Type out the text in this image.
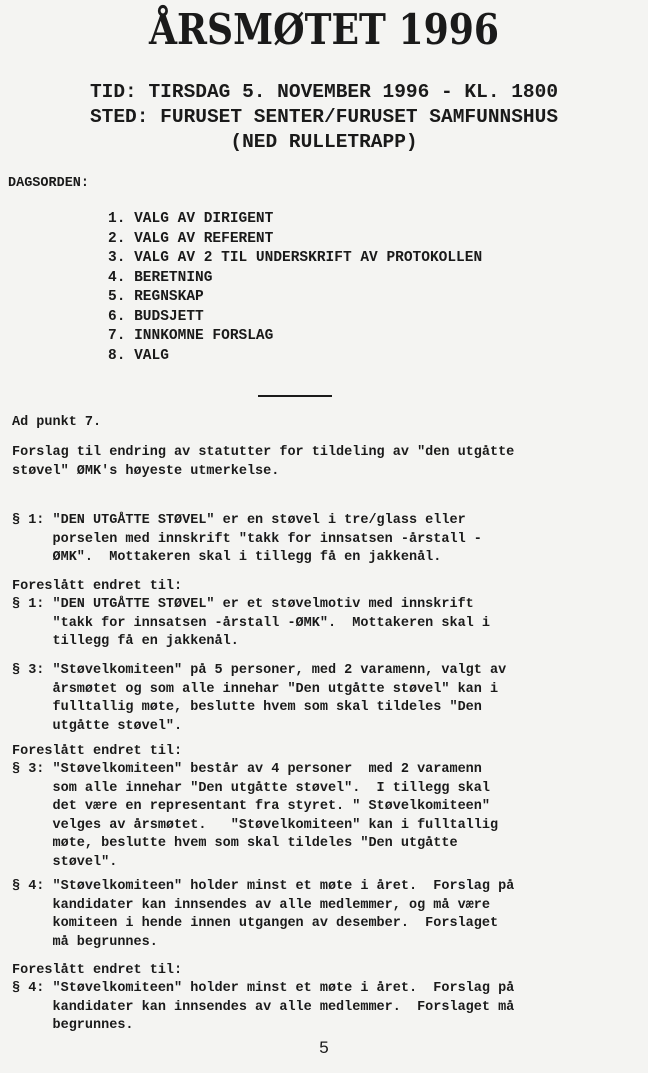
ÅRSMØTET 1996
TID: TIRSDAG 5. NOVEMBER 1996 - KL. 1800
STED: FURUSET SENTER/FURUSET SAMFUNNSHUS
(NED RULLETRAPP)
DAGSORDEN:
1. VALG AV DIRIGENT
2. VALG AV REFERENT
3. VALG AV 2 TIL UNDERSKRIFT AV PROTOKOLLEN
4. BERETNING
5. REGNSKAP
6. BUDSJETT
7. INNKOMNE FORSLAG
8. VALG
Ad punkt 7.
Forslag til endring av statutter for tildeling av "den utgåtte
støvel" ØMK's høyeste utmerkelse.
§ 1: "DEN UTGÅTTE STØVEL" er en støvel i tre/glass eller
porselen med innskrift "takk for innsatsen -årstall -
ØMK".  Mottakeren skal i tillegg få en jakkenål.
Foreslått endret til:
§ 1: "DEN UTGÅTTE STØVEL" er et støvelmotiv med innskrift
"takk for innsatsen -årstall -ØMK".  Mottakeren skal i
tillegg få en jakkenål.
§ 3: "Støvelkomiteen" på 5 personer, med 2 varamenn, valgt av
årsmøtet og som alle innehar "Den utgåtte støvel" kan i
fulltallig møte, beslutte hvem som skal tildeles "Den
utgåtte støvel".
Foreslått endret til:
§ 3: "Støvelkomiteen" består av 4 personer  med 2 varamenn
som alle innehar "Den utgåtte støvel".  I tillegg skal
det være en representant fra styret. " Støvelkomiteen"
velges av årsmøtet.   "Støvelkomiteen" kan i fulltallig
møte, beslutte hvem som skal tildeles "Den utgåtte
støvel".
§ 4: "Støvelkomiteen" holder minst et møte i året.  Forslag på
kandidater kan innsendes av alle medlemmer, og må være
komiteen i hende innen utgangen av desember.  Forslaget
må begrunnes.
Foreslått endret til:
§ 4: "Støvelkomiteen" holder minst et møte i året.  Forslag på
kandidater kan innsendes av alle medlemmer.  Forslaget må
begrunnes.
5
